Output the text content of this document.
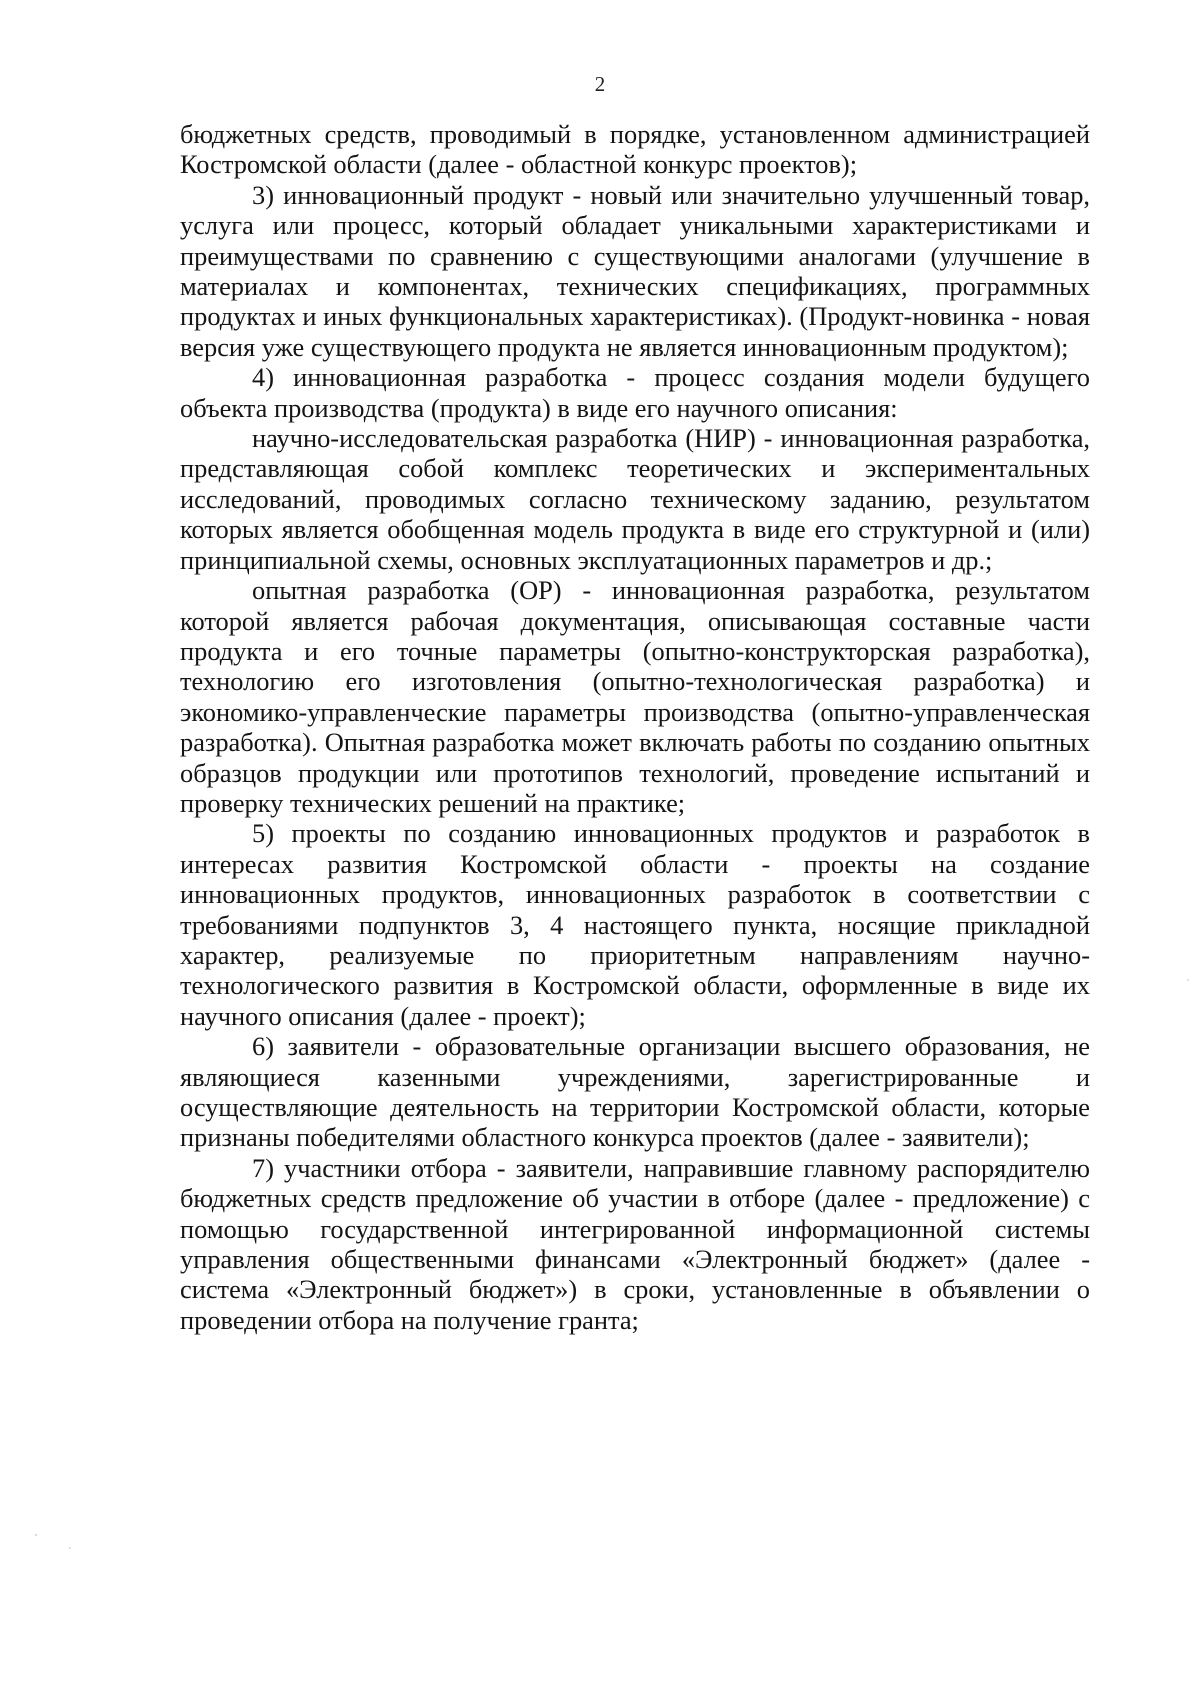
2

бюджетных средств, проводимый в порядке, установленном администрацией Костромской области (далее - областной конкурс проектов);

3) инновационный продукт - новый или значительно улучшенный товар, услуга или процесс, который обладает уникальными характеристиками и преимуществами по сравнению с существующими аналогами (улучшение в материалах и компонентах, технических спецификациях, программных продуктах и иных функциональных характеристиках). (Продукт-новинка - новая версия уже существующего продукта не является инновационным продуктом);

4) инновационная разработка - процесс создания модели будущего объекта производства (продукта) в виде его научного описания:

научно-исследовательская разработка (НИР) - инновационная разработка, представляющая собой комплекс теоретических и экспериментальных исследований, проводимых согласно техническому заданию, результатом которых является обобщенная модель продукта в виде его структурной и (или) принципиальной схемы, основных эксплуатационных параметров и др.;

опытная разработка (ОР) - инновационная разработка, результатом которой является рабочая документация, описывающая составные части продукта и его точные параметры (опытно-конструкторская разработка), технологию его изготовления (опытно-технологическая разработка) и экономико-управленческие параметры производства (опытно-управленческая разработка). Опытная разработка может включать работы по созданию опытных образцов продукции или прототипов технологий, проведение испытаний и проверку технических решений на практике;

5) проекты по созданию инновационных продуктов и разработок в интересах развития Костромской области - проекты на создание инновационных продуктов, инновационных разработок в соответствии с требованиями подпунктов 3, 4 настоящего пункта, носящие прикладной характер, реализуемые по приоритетным направлениям научно-технологического развития в Костромской области, оформленные в виде их научного описания (далее - проект);

6) заявители - образовательные организации высшего образования, не являющиеся казенными учреждениями, зарегистрированные и осуществляющие деятельность на территории Костромской области, которые признаны победителями областного конкурса проектов (далее - заявители);

7) участники отбора - заявители, направившие главному распорядителю бюджетных средств предложение об участии в отборе (далее - предложение) с помощью государственной интегрированной информационной системы управления общественными финансами «Электронный бюджет» (далее - система «Электронный бюджет») в сроки, установленные в объявлении о проведении отбора на получение гранта;
